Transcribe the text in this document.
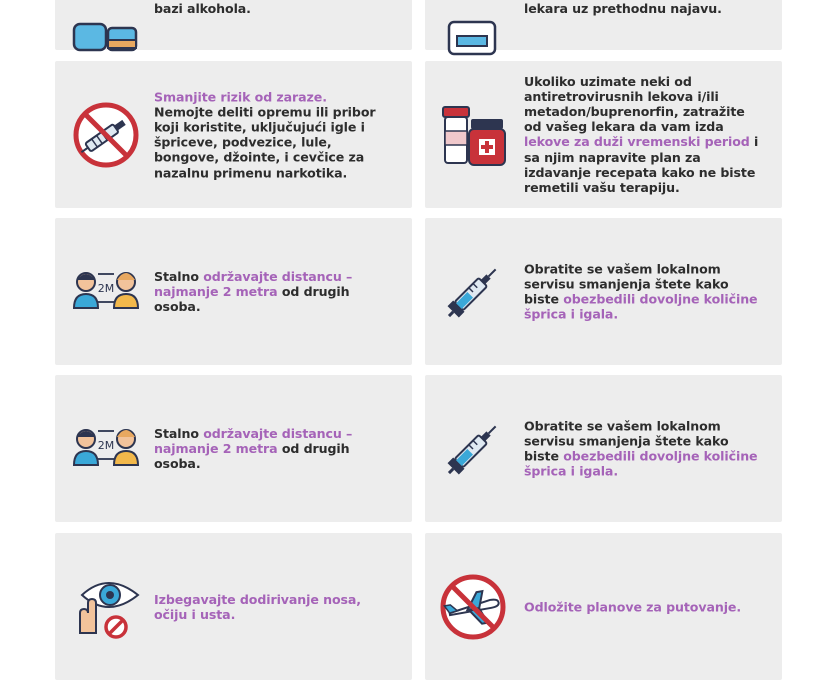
bazi alkohola.	lekara uz prethodnu najavu.
Smanjite rizik od zaraze.
Nemojte deliti opremu ili pribor koji koristite, uključujući igle i špriceve, podvezice, lule, bongove, džointe, i cevčice za nazalnu primenu narkotika.
Ukoliko uzimate neki od antiretrovirusnih lekova i/ili metadon/buprenorfin, zatražite od vašeg lekara da vam izda lekove za duži vremenski period i sa njim napravite plan za izdavanje recepata kako ne biste remetili vašu terapiju.
2M
Stalno održavajte distancu – najmanje 2 metra od drugih osoba.
Obratite se vašem lokalnom servisu smanjenja štete kako biste obezbedili dovoljne količine šprica i igala.
2M
Stalno održavajte distancu – najmanje 2 metra od drugih osoba.
Obratite se vašem lokalnom servisu smanjenja štete kako biste obezbedili dovoljne količine šprica i igala.
Izbegavajte dodirivanje nosa, očiju i usta.
Odložite planove za putovanje.
